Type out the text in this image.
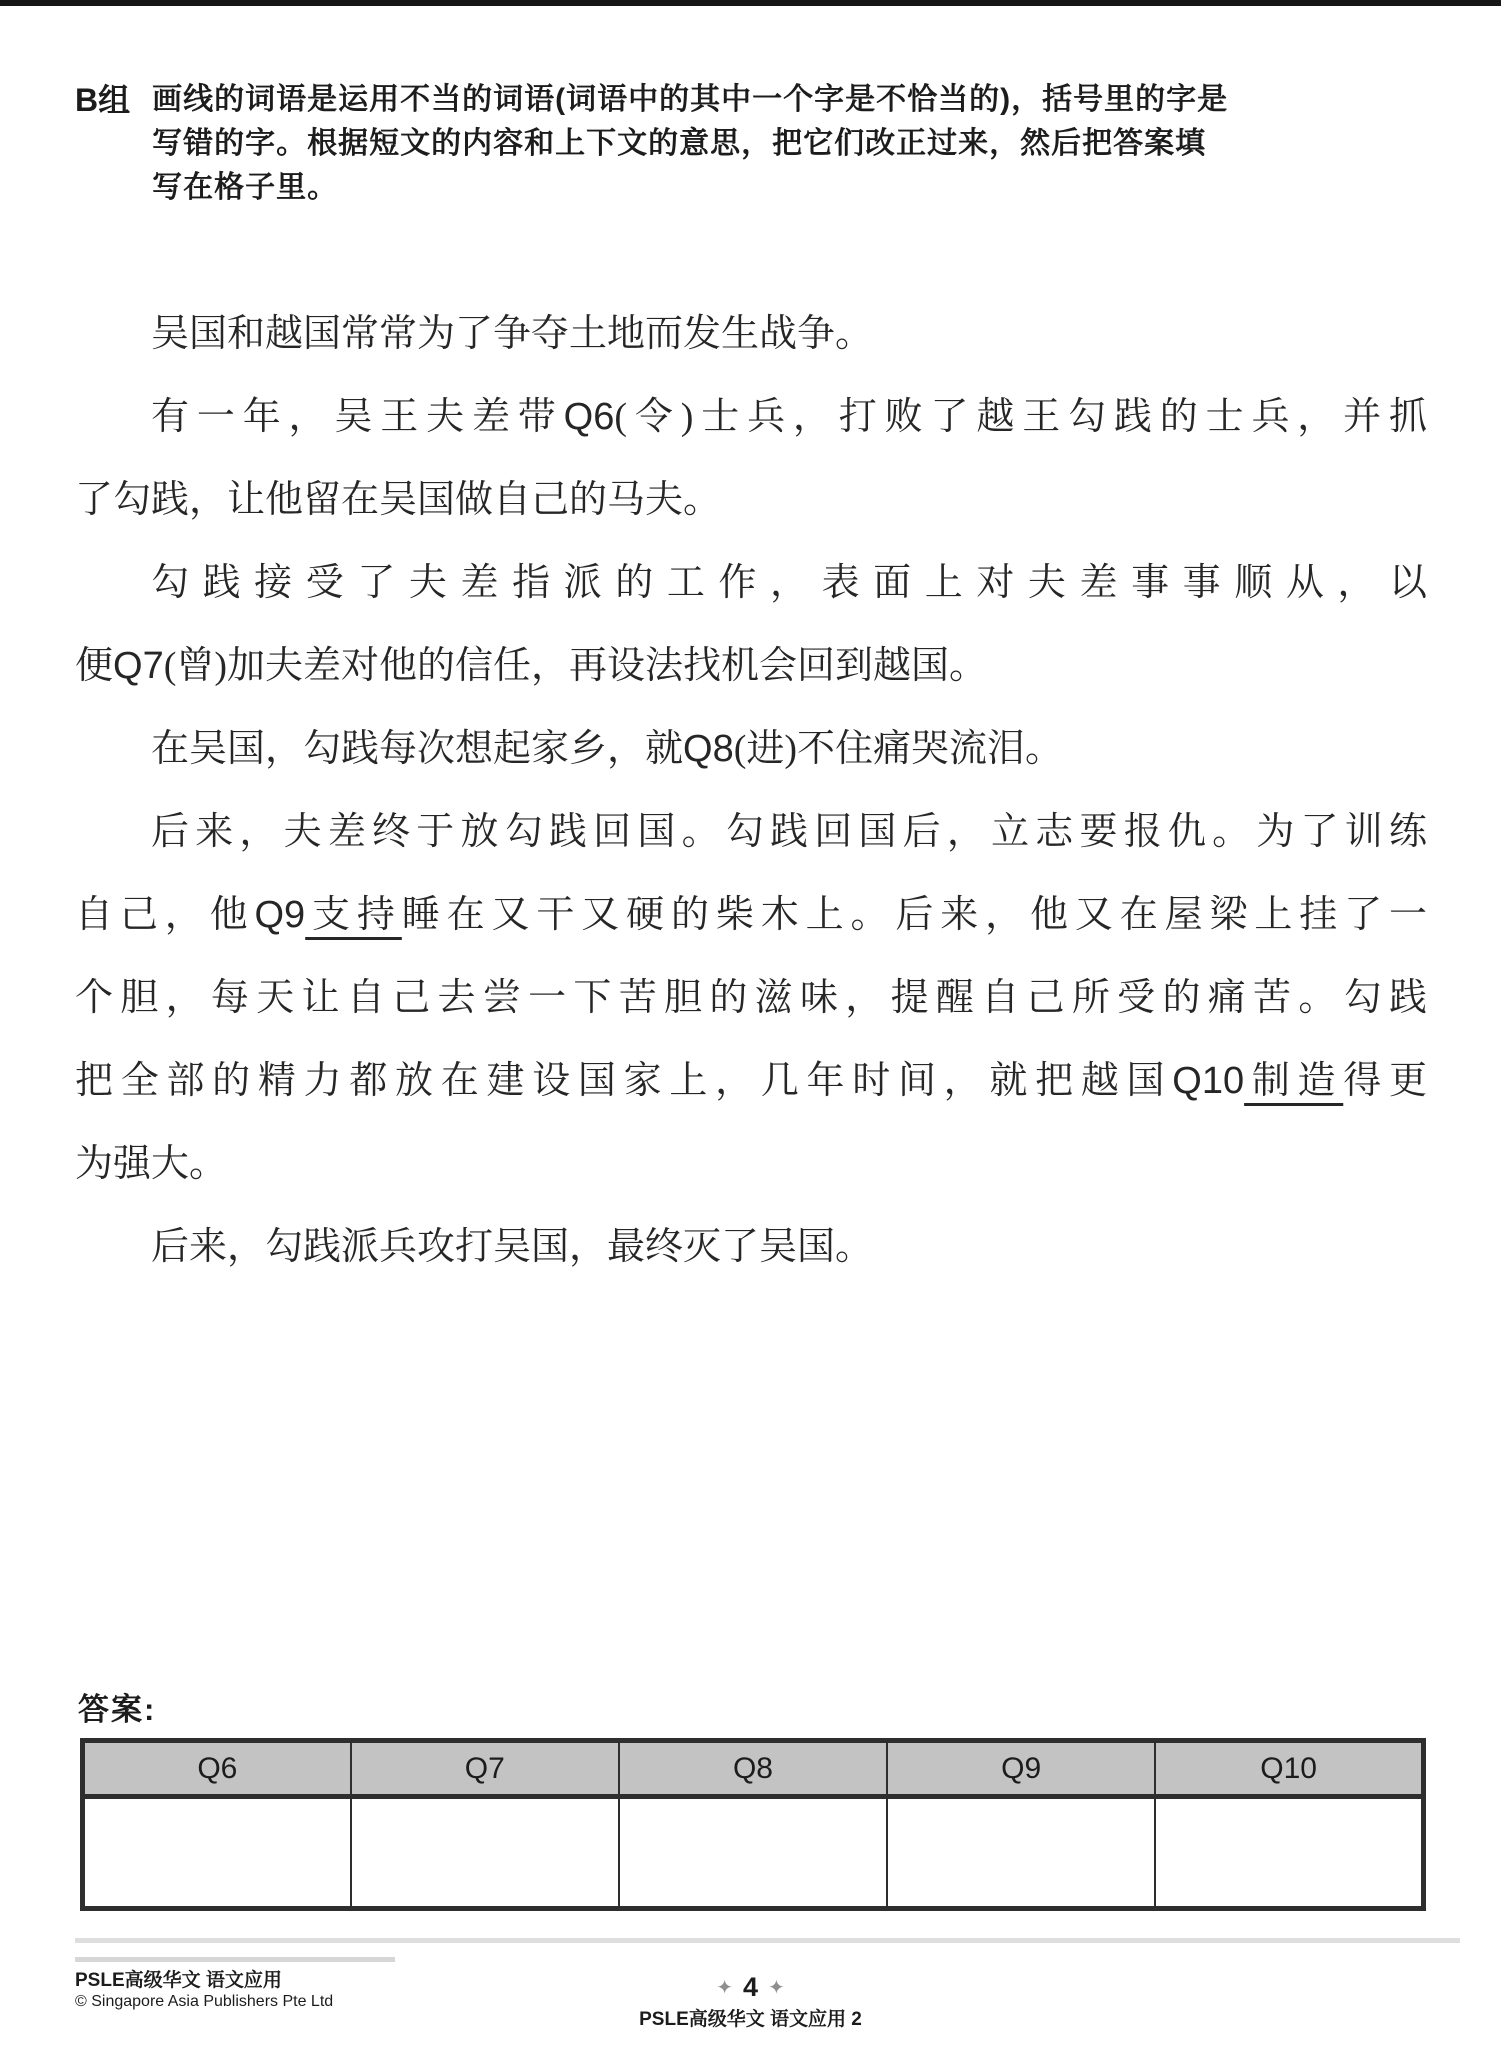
B组 画线的词语是运用不当的词语(词语中的其中一个字是不恰当的)，括号里的字是
写错的字。根据短文的内容和上下文的意思，把它们改正过来，然后把答案填
写在格子里。
吴国和越国常常为了争夺土地而发生战争。
有一年，吴王夫差带Q6(令)士兵，打败了越王勾践的士兵，并抓
了勾践，让他留在吴国做自己的马夫。
勾践接受了夫差指派的工作，表面上对夫差事事顺从，以
便Q7(曾)加夫差对他的信任，再设法找机会回到越国。
在吴国，勾践每次想起家乡，就Q8(进)不住痛哭流泪。
后来，夫差终于放勾践回国。勾践回国后，立志要报仇。为了训练
自己，他Q9支持睡在又干又硬的柴木上。后来，他又在屋梁上挂了一
个胆，每天让自己去尝一下苦胆的滋味，提醒自己所受的痛苦。勾践
把全部的精力都放在建设国家上，几年时间，就把越国Q10制造得更
为强大。
后来，勾践派兵攻打吴国，最终灭了吴国。
答案:
Q6	Q7	Q8	Q9	Q10

PSLE高级华文 语文应用
© Singapore Asia Publishers Pte Ltd
✦ 4 ✦
PSLE高级华文 语文应用 2
